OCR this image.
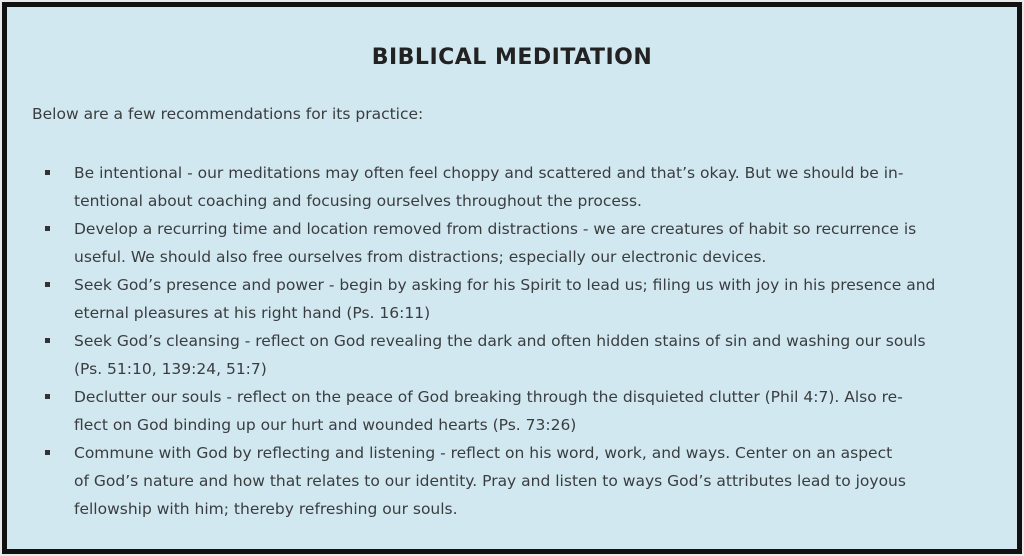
BIBLICAL MEDITATION
Below are a few recommendations for its practice:
Be intentional - our meditations may often feel choppy and scattered and that’s okay. But we should be in-
tentional about coaching and focusing ourselves throughout the process.
Develop a recurring time and location removed from distractions - we are creatures of habit so recurrence is
useful. We should also free ourselves from distractions; especially our electronic devices.
Seek God’s presence and power - begin by asking for his Spirit to lead us; filing us with joy in his presence and
eternal pleasures at his right hand (Ps. 16:11)
Seek God’s cleansing - reflect on God revealing the dark and often hidden stains of sin and washing our souls
(Ps. 51:10, 139:24, 51:7)
Declutter our souls - reflect on the peace of God breaking through the disquieted clutter (Phil 4:7). Also re-
flect on God binding up our hurt and wounded hearts (Ps. 73:26)
Commune with God by reflecting and listening - reflect on his word, work, and ways. Center on an aspect
of God’s nature and how that relates to our identity. Pray and listen to ways God’s attributes lead to joyous
fellowship with him; thereby refreshing our souls.
